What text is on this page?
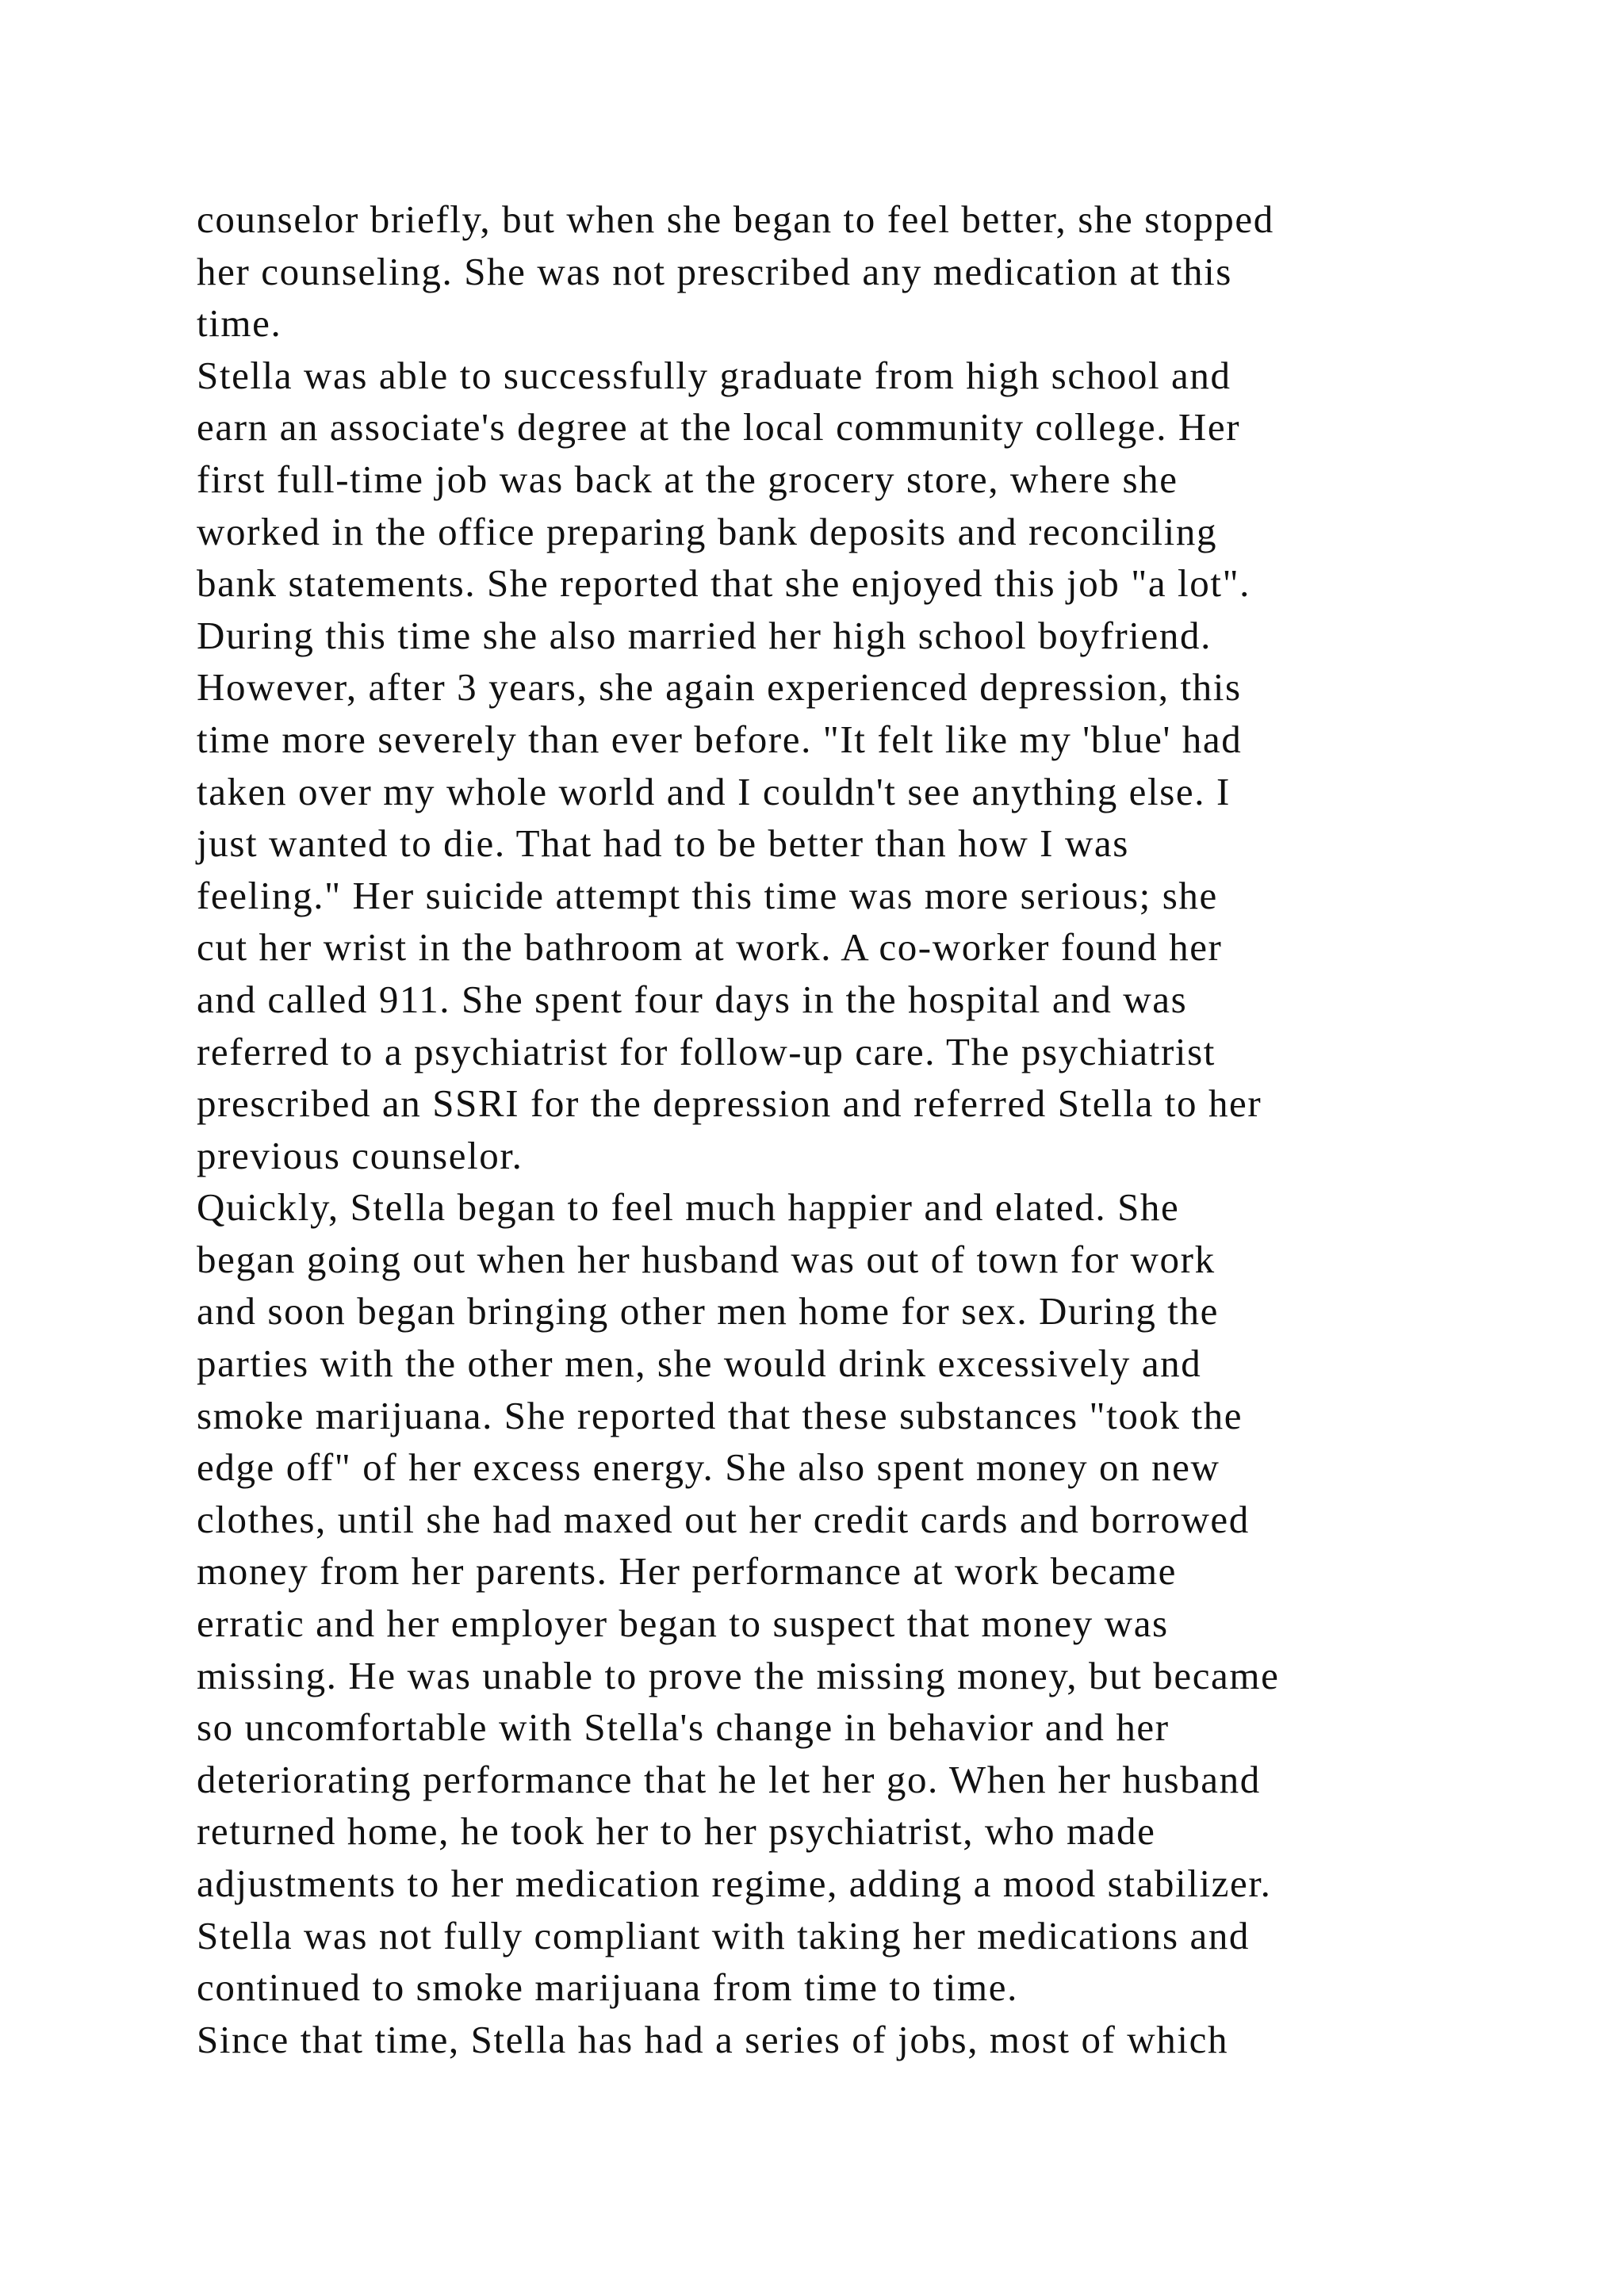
counselor briefly, but when she began to feel better, she stopped
her counseling. She was not prescribed any medication at this
time.
Stella was able to successfully graduate from high school and
earn an associate's degree at the local community college. Her
first full-time job was back at the grocery store, where she
worked in the office preparing bank deposits and reconciling
bank statements. She reported that she enjoyed this job "a lot".
During this time she also married her high school boyfriend.
However, after 3 years, she again experienced depression, this
time more severely than ever before. "It felt like my 'blue' had
taken over my whole world and I couldn't see anything else. I
just wanted to die. That had to be better than how I was
feeling." Her suicide attempt this time was more serious; she
cut her wrist in the bathroom at work. A co-worker found her
and called 911. She spent four days in the hospital and was
referred to a psychiatrist for follow-up care. The psychiatrist
prescribed an SSRI for the depression and referred Stella to her
previous counselor.
Quickly, Stella began to feel much happier and elated. She
began going out when her husband was out of town for work
and soon began bringing other men home for sex. During the
parties with the other men, she would drink excessively and
smoke marijuana. She reported that these substances "took the
edge off" of her excess energy. She also spent money on new
clothes, until she had maxed out her credit cards and borrowed
money from her parents. Her performance at work became
erratic and her employer began to suspect that money was
missing. He was unable to prove the missing money, but became
so uncomfortable with Stella's change in behavior and her
deteriorating performance that he let her go. When her husband
returned home, he took her to her psychiatrist, who made
adjustments to her medication regime, adding a mood stabilizer.
Stella was not fully compliant with taking her medications and
continued to smoke marijuana from time to time.
Since that time, Stella has had a series of jobs, most of which
